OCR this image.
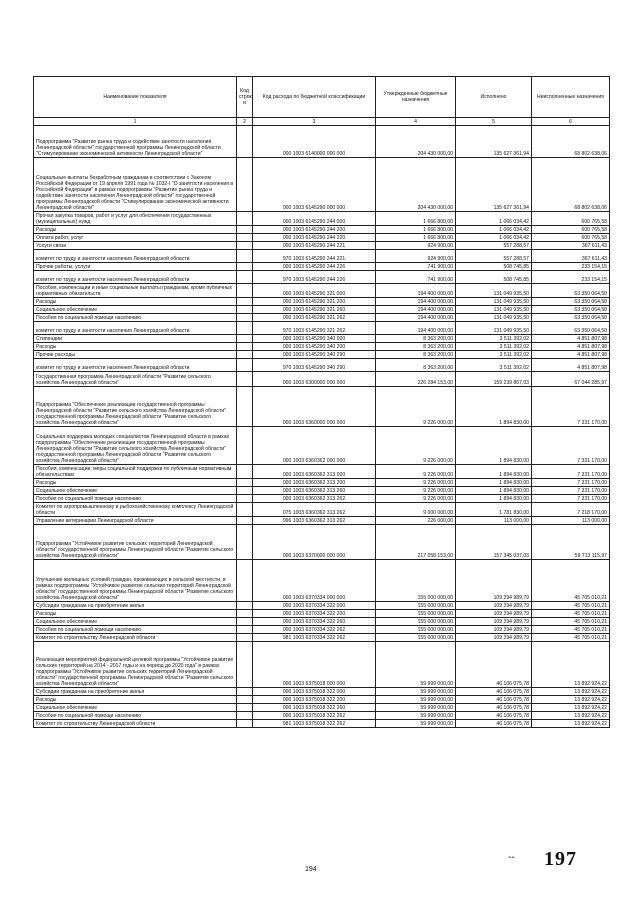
Наименование показателя	Код строк и	Код расхода по бюджетной классификации	Утвержденные бюджетные назначения	Исполнено	Неисполненные назначения
1	2	3	4	5	6
Подпрограмма "Развитие рынка труда и содействие занятости населения Ленинградской области" государственной программы Ленинградской области "Стимулирование экономической активности Ленинградской области"		000 1003 6140000 000 000	204 430 000,00	135 627 361,94	68 802 638,06
Социальные выплаты безработным гражданам в соответствии с Законом Российской Федерации от 19 апреля 1991 года № 1032-I "О занятости населения в Российской Федерации" в рамках подпрограммы "Развитие рынка труда и содействие занятости населения Ленинградской области" государственной программы Ленинградской области "Стимулирование экономической активности Ленинградской области"		000 1003 6145290 000 000	204 430 000,00	135 627 361,94	68 802 638,06
Прочая закупка товаров, работ и услуг для обеспечения государственных (муниципальных) нужд		000 1003 6145290 244 000	1 666 800,00	1 066 034,42	600 765,58
Расходы		000 1003 6145290 244 200	1 666 800,00	1 066 034,42	600 765,58
Оплата работ, услуг		000 1003 6145290 244 220	1 666 800,00	1 066 034,42	600 765,58
Услуги связи		000 1003 6145290 244 221	924 900,00	557 288,57	367 611,43
комитет по труду и занятости населения Ленинградской области		970 1003 6145290 244 221	924 900,00	557 288,57	367 611,43
Прочие работы, услуги		000 1003 6145290 244 226	741 900,00	508 745,85	233 154,15
комитет по труду и занятости населения Ленинградской области		970 1003 6145290 244 226	741 900,00	508 745,85	233 154,15
Пособия, компенсации и иные социальные выплаты гражданам, кроме публичных нормативных обязательств		000 1003 6145290 321 000	194 400 000,00	131 049 935,50	63 350 064,50
Расходы		000 1003 6145290 321 200	194 400 000,00	131 049 935,50	63 350 064,50
Социальное обеспечение		000 1003 6145290 321 260	194 400 000,00	131 049 935,50	63 350 064,50
Пособия по социальной помощи населению		000 1003 6145290 321 262	194 400 000,00	131 049 935,50	63 350 064,50
комитет по труду и занятости населения Ленинградской области		970 1003 6145290 321 262	194 400 000,00	131 049 935,50	63 350 064,50
Стипендии		000 1003 6145290 340 000	8 363 200,00	3 511 392,02	4 851 807,98
Расходы		000 1003 6145290 340 200	8 363 200,00	3 511 392,02	4 851 807,98
Прочие расходы		000 1003 6145290 340 290	8 363 200,00	3 511 392,02	4 851 807,98
комитет по труду и занятости населения Ленинградской области		970 1003 6145290 340 290	8 363 200,00	3 511 392,02	4 851 807,98
Государственная программа Ленинградской области "Развитие сельского хозяйства Ленинградской области"		000 1003 6300000 000 000	226 284 153,00	159 239 867,03	67 044 285,97
Подпрограмма "Обеспечение реализации государственной программы Ленинградской области "Развитие сельского хозяйства Ленинградской области" государственной программы Ленинградской области "Развитие сельского хозяйства Ленинградской области"		000 1003 6360000 000 000	9 226 000,00	1 894 830,00	7 331 170,00
Социальная поддержка молодых специалистов Ленинградской области в рамках подпрограммы "Обеспечение реализации государственной программы Ленинградской области "Развитие сельского хозяйства Ленинградской области" государственной программы Ленинградской области "Развитие сельского хозяйства Ленинградской области"		000 1003 6360362 000 000	9 226 000,00	1 894 830,00	7 331 170,00
Пособия, компенсации, меры социальной поддержки по публичным нормативным обязательствам		000 1003 6360362 313 000	9 226 000,00	1 894 830,00	7 331 170,00
Расходы		000 1003 6360362 313 200	9 226 000,00	1 894 830,00	7 331 170,00
Социальное обеспечение		000 1003 6360362 313 260	9 226 000,00	1 894 830,00	7 331 170,00
Пособия по социальной помощи населению		000 1003 6360362 313 262	9 226 000,00	1 894 830,00	7 331 170,00
Комитет по агропромышленному и рыбохозяйственному комплексу Ленинградской области		075 1003 6360362 313 262	9 000 000,00	1 781 830,00	7 218 170,00
Управление ветеринарии Ленинградской области		996 1003 6360362 313 262	226 000,00	113 000,00	113 000,00
Подпрограмма "Устойчивое развитие сельских территорий Ленинградской области" государственной программы Ленинградской области "Развитие сельского хозяйства Ленинградской области"		000 1003 6370000 000 000	217 058 153,00	157 345 037,03	59 713 115,97
Улучшение жилищных условий граждан, проживающих в сельской местности, в рамках подпрограммы "Устойчивое развитие сельских территорий Ленинградской области" государственной программы Ленинградской области "Развитие сельского хозяйства Ленинградской области"		000 1003 6370334 000 000	155 000 000,00	109 294 989,79	45 705 010,21
Субсидии гражданам на приобретение жилья		000 1003 6370334 322 000	155 000 000,00	109 294 989,79	45 705 010,21
Расходы		000 1003 6370334 322 200	155 000 000,00	109 294 989,79	45 705 010,21
Социальное обеспечение		000 1003 6370334 322 260	155 000 000,00	109 294 989,79	45 705 010,21
Пособия по социальной помощи населению		000 1003 6370334 322 262	155 000 000,00	109 294 989,79	45 705 010,21
Комитет по строительству Ленинградской области		981 1003 6370334 322 262	155 000 000,00	109 294 989,79	45 705 010,21
Реализация мероприятий федеральной целевой программы "Устойчивое развитие сельских территорий на 2014 - 2017 годы и на период до 2020 года" в рамках подпрограммы "Устойчивое развитие сельских территорий Ленинградской области" государственной программы Ленинградской области "Развитие сельского хозяйства Ленинградской области"		000 1003 6375018 000 000	59 999 000,00	46 106 075,78	13 892 924,22
Субсидии гражданам на приобретение жилья		000 1003 6375018 322 000	59 999 000,00	46 106 075,78	13 892 924,22
Расходы		000 1003 6375018 322 200	59 999 000,00	46 106 075,78	13 892 924,22
Социальное обеспечение		000 1003 6375018 322 260	59 999 000,00	46 106 075,78	13 892 924,22
Пособия по социальной помощи населению		000 1003 6375018 322 262	59 999 000,00	46 106 075,78	13 892 924,22
Комитет по строительству Ленинградской области		981 1003 6375018 322 262	59 999 000,00	46 106 075,78	13 892 924,22
-- 197
194
